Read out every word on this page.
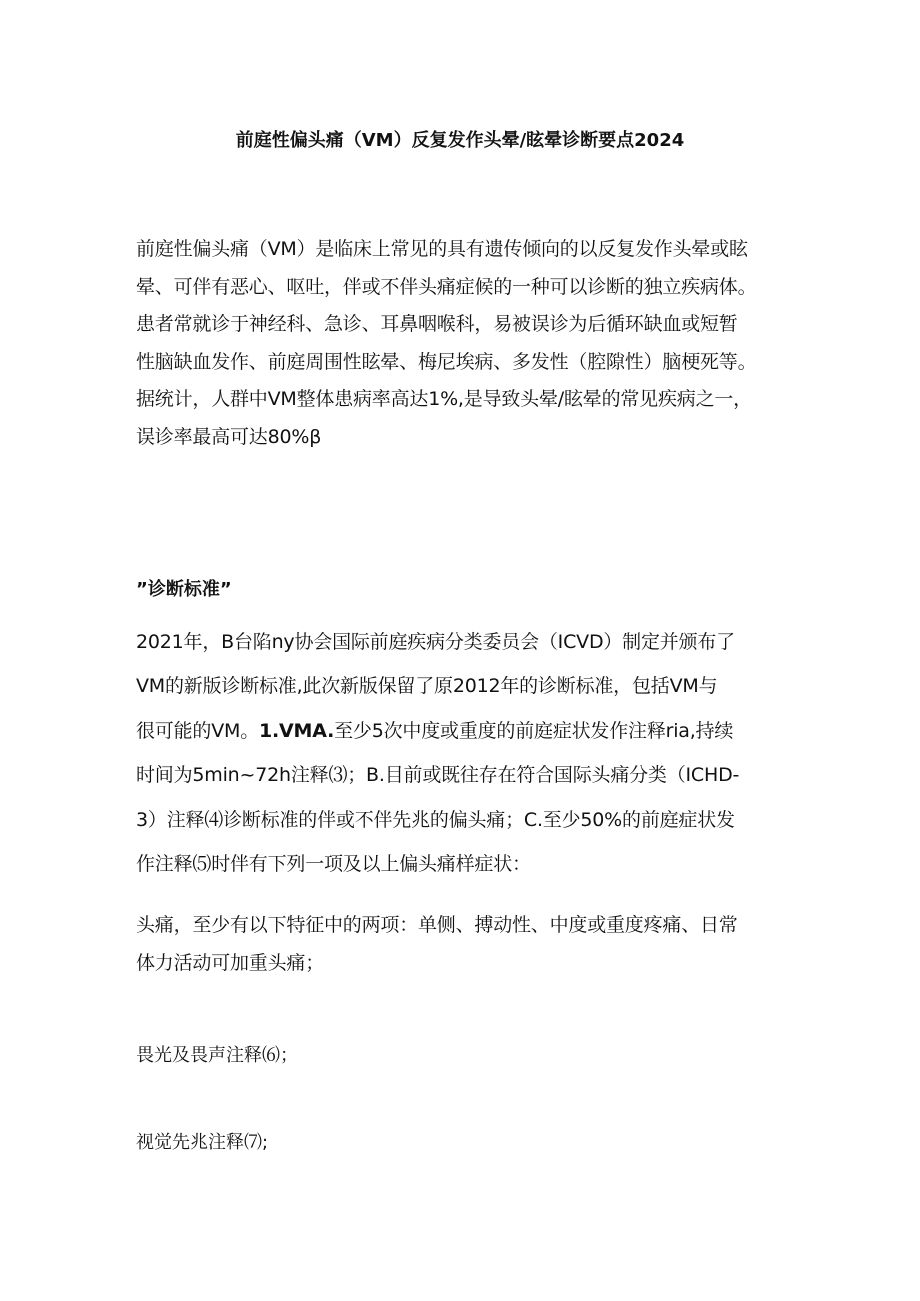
前庭性偏头痛（VM）反复发作头晕/眩晕诊断要点2024
前庭性偏头痛（VM）是临床上常见的具有遗传倾向的以反复发作头晕或眩
晕、可伴有恶心、呕吐，伴或不伴头痛症候的一种可以诊断的独立疾病体。
患者常就诊于神经科、急诊、耳鼻咽喉科，易被误诊为后循环缺血或短暂
性脑缺血发作、前庭周围性眩晕、梅尼埃病、多发性（腔隙性）脑梗死等。
据统计，人群中VM整体患病率高达1%,是导致头晕/眩晕的常见疾病之一，
误诊率最高可达80%β
”诊断标准”
2021年，B台陷ny协会国际前庭疾病分类委员会（ICVD）制定并颁布了
VM的新版诊断标准,此次新版保留了原2012年的诊断标准，包括VM与
很可能的VM。1.VMA.至少5次中度或重度的前庭症状发作注释ria,持续
时间为5min~72h注释⑶；B.目前或既往存在符合国际头痛分类（ICHD-
3）注释⑷诊断标准的伴或不伴先兆的偏头痛；C.至少50%的前庭症状发
作注释⑸时伴有下列一项及以上偏头痛样症状：
头痛，至少有以下特征中的两项：单侧、搏动性、中度或重度疼痛、日常
体力活动可加重头痛；
畏光及畏声注释⑹；
视觉先兆注释⑺;
